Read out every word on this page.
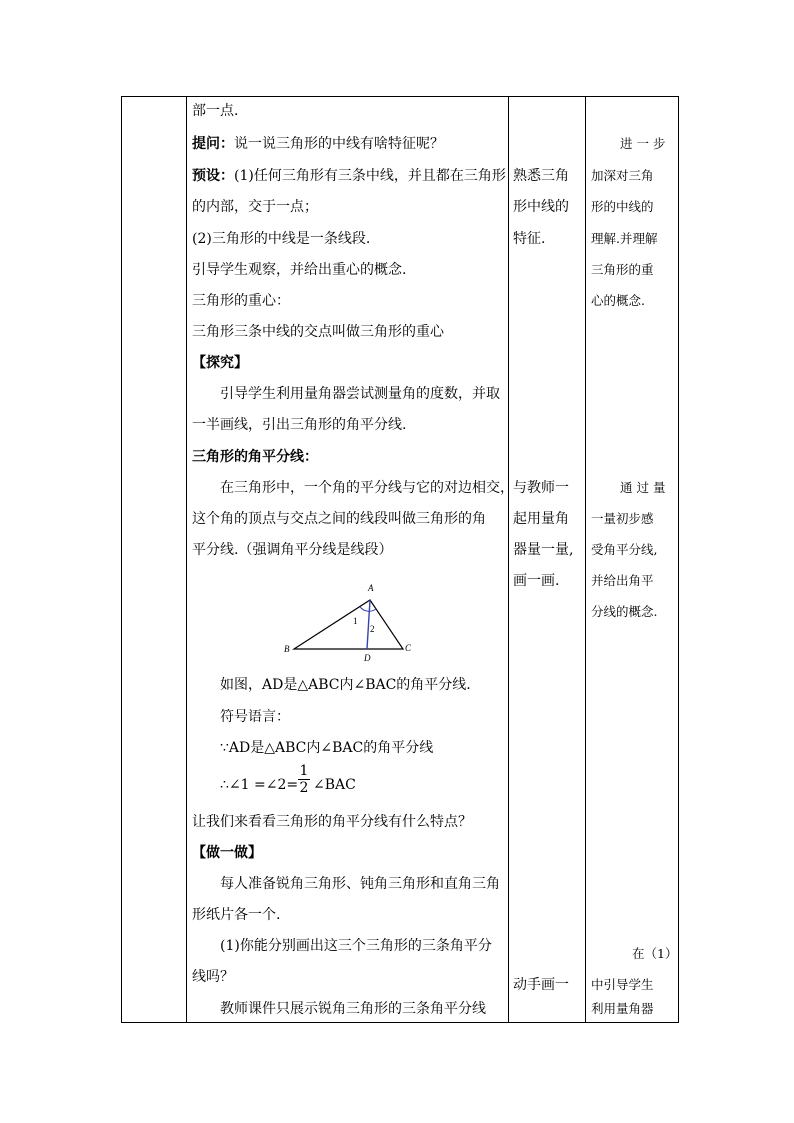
部一点.
提问：说一说三角形的中线有啥特征呢？
预设：(1)任何三角形有三条中线，并且都在三角形
的内部，交于一点；
(2)三角形的中线是一条线段.
引导学生观察，并给出重心的概念.
三角形的重心：
三角形三条中线的交点叫做三角形的重心
【探究】
引导学生利用量角器尝试测量角的度数，并取
一半画线，引出三角形的角平分线.
三角形的角平分线：
在三角形中，一个角的平分线与它的对边相交，
这个角的顶点与交点之间的线段叫做三角形的角
平分线.（强调角平分线是线段）
A
B	C
D
1
2
如图，AD是△ABC内∠BAC的角平分线.
符号语言：
∵AD是△ABC内∠BAC的角平分线
∴∠1 =∠2= $\frac{1}{2}$ ∠BAC
让我们来看看三角形的角平分线有什么特点？
【做一做】
每人准备锐角三角形、钝角三角形和直角三角
形纸片各一个.
(1)你能分别画出这三个三角形的三条角平分
线吗？
教师课件只展示锐角三角形的三条角平分线
熟悉三角
形中线的
特征.
与教师一
起用量角
器量一量,
画一画.
动手画一
进 一 步
加深对三角
形的中线的
理解.并理解
三角形的重
心的概念.
通 过 量
一量初步感
受角平分线,
并给出角平
分线的概念.
在（1）
中引导学生
利用量角器
